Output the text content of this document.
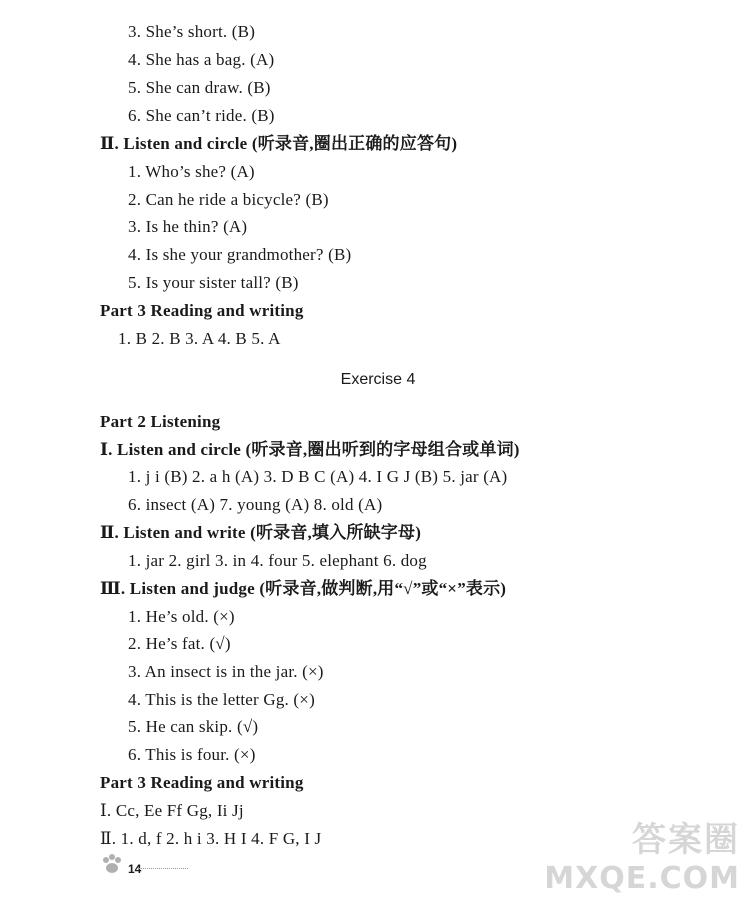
3. She’s short. (B)
4. She has a bag. (A)
5. She can draw. (B)
6. She can’t ride. (B)
Ⅱ. Listen and circle (听录音,圈出正确的应答句)
1. Who’s she? (A)
2. Can he ride a bicycle? (B)
3. Is he thin? (A)
4. Is she your grandmother? (B)
5. Is your sister tall? (B)
Part 3 Reading and writing
1. B 2. B 3. A 4. B 5. A
Exercise 4
Part 2 Listening
Ⅰ. Listen and circle (听录音,圈出听到的字母组合或单词)
1. j i (B) 2. a h (A) 3. D B C (A) 4. I G J (B) 5. jar (A)
6. insect (A) 7. young (A) 8. old (A)
Ⅱ. Listen and write (听录音,填入所缺字母)
1. jar 2. girl 3. in 4. four 5. elephant 6. dog
Ⅲ. Listen and judge (听录音,做判断,用“√”或“×”表示)
1. He’s old. (×)
2. He’s fat. (√)
3. An insect is in the jar. (×)
4. This is the letter Gg. (×)
5. He can skip. (√)
6. This is four. (×)
Part 3 Reading and writing
Ⅰ. Cc, Ee Ff Gg, Ii Jj
Ⅱ. 1. d, f 2. h i 3. H I 4. F G, I J
14
答案圈
MXQE.COM
